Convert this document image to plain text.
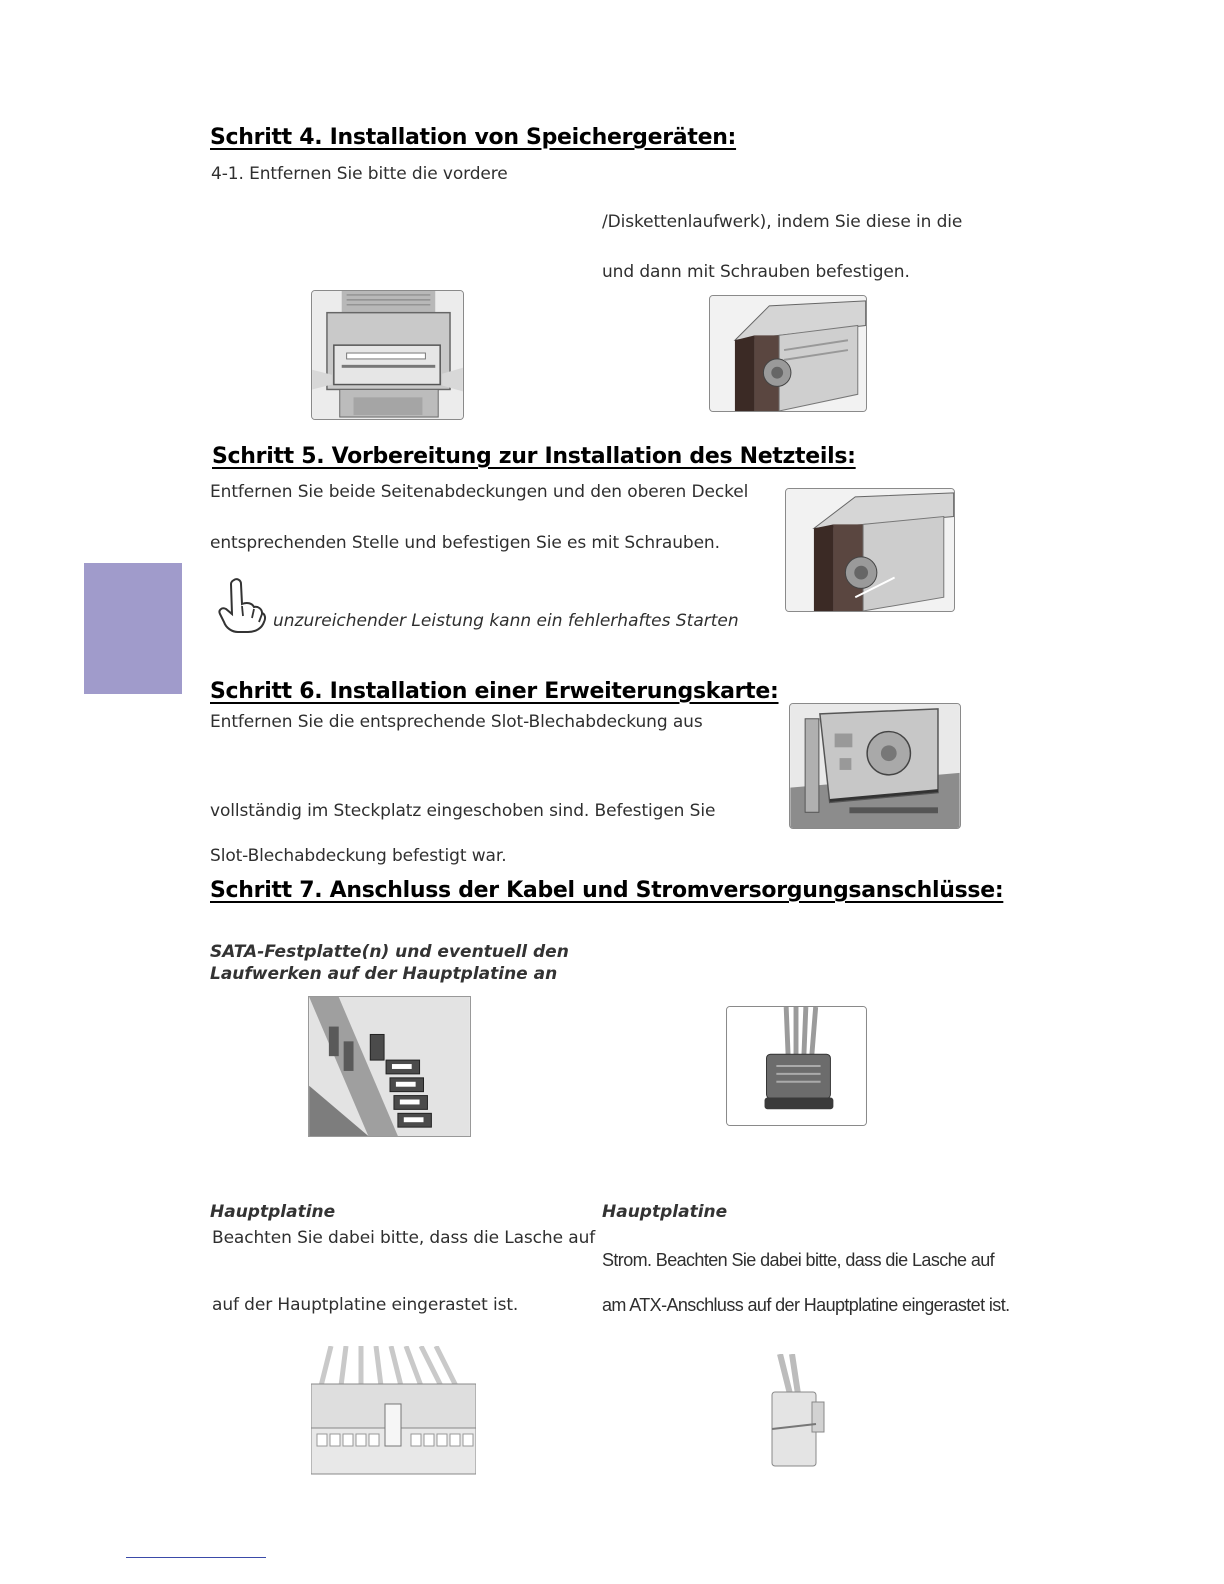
Schritt 4. Installation von Speichergeräten:
4-1. Entfernen Sie bitte die vordere
/Diskettenlaufwerk), indem Sie diese in die
und dann mit Schrauben befestigen.
Schritt 5. Vorbereitung zur Installation des Netzteils:
Entfernen Sie beide Seitenabdeckungen und den oberen Deckel
entsprechenden Stelle und befestigen Sie es mit Schrauben.
unzureichender Leistung kann ein fehlerhaftes Starten
Schritt 6. Installation einer Erweiterungskarte:
Entfernen Sie die entsprechende Slot-Blechabdeckung aus
vollständig im Steckplatz eingeschoben sind. Befestigen Sie
Slot-Blechabdeckung befestigt war.
Schritt 7. Anschluss der Kabel und Stromversorgungsanschlüsse:
SATA-Festplatte(n) und eventuell den
Laufwerken auf der Hauptplatine an
Hauptplatine	Hauptplatine
Beachten Sie dabei bitte, dass die Lasche auf
auf der Hauptplatine eingerastet ist.
Strom. Beachten Sie dabei bitte, dass die Lasche auf
am ATX-Anschluss auf der Hauptplatine eingerastet ist.
